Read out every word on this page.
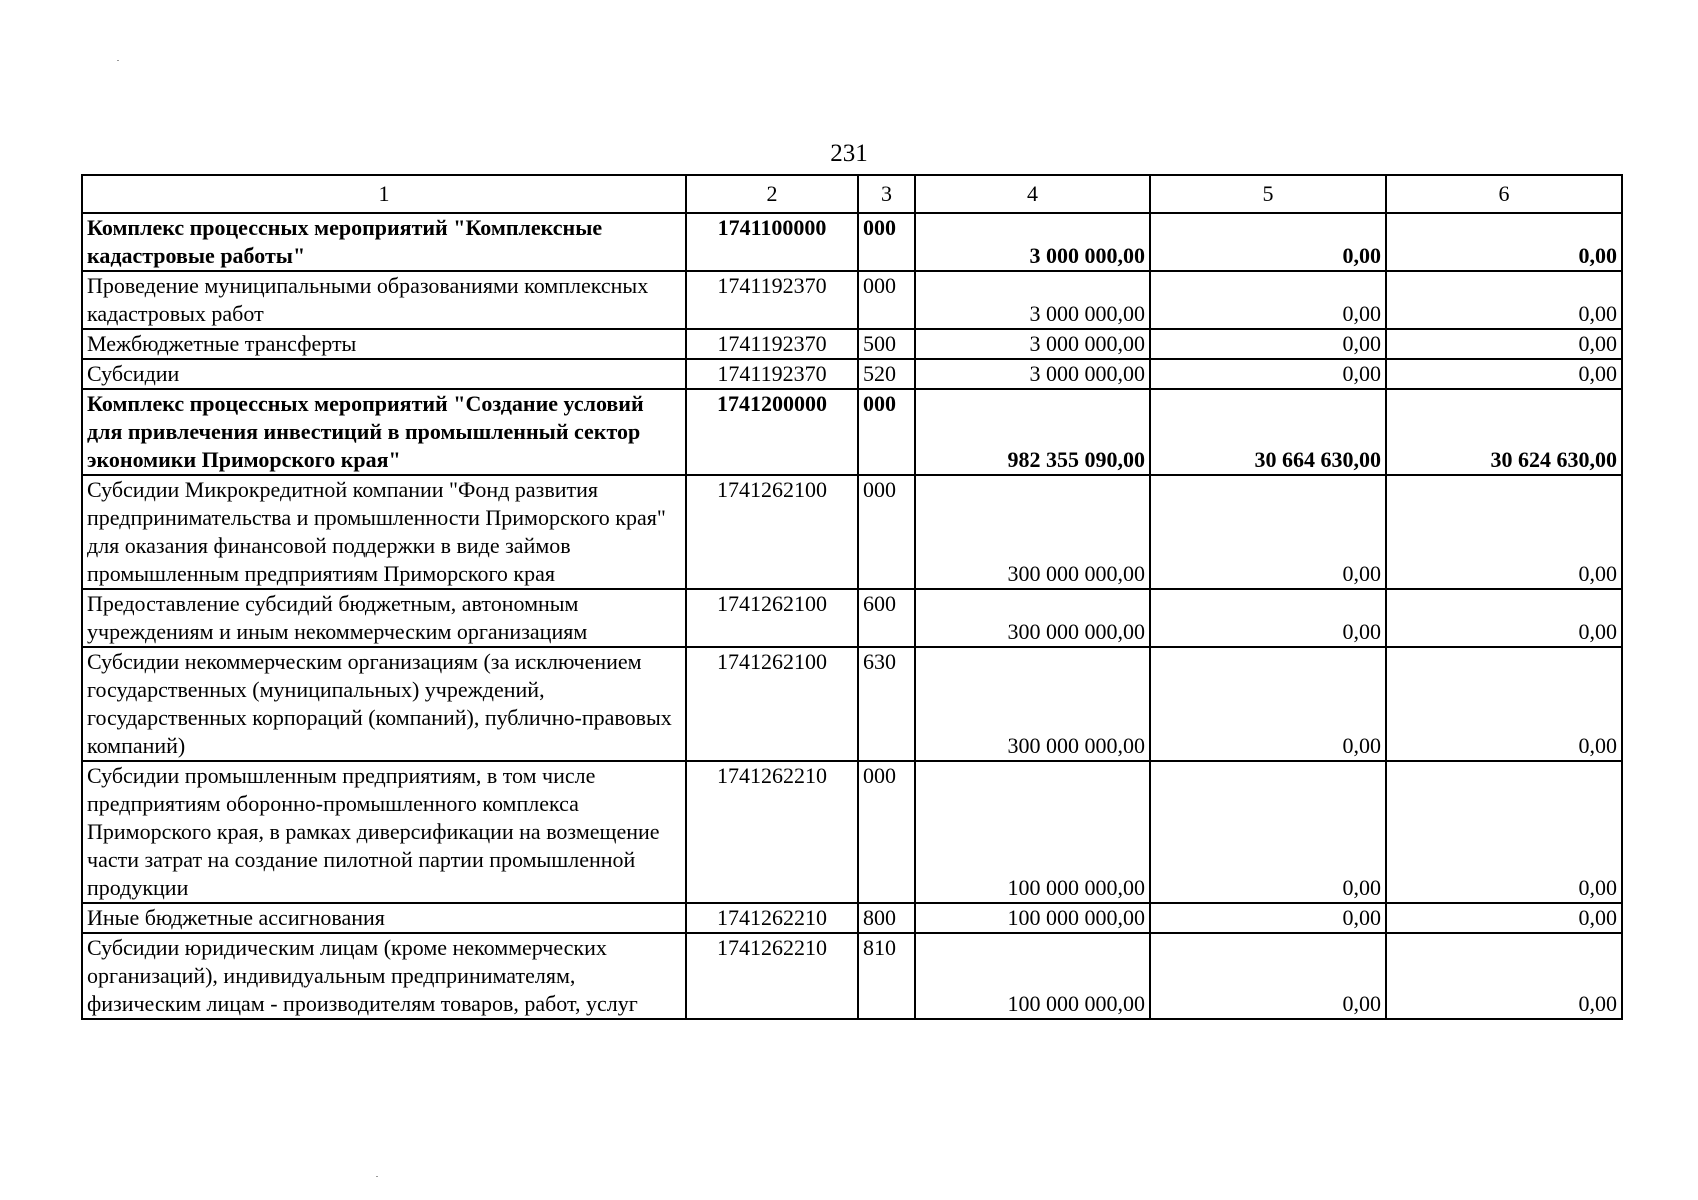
231
1	2	3	4	5	6
Комплекс процессных мероприятий "Комплексные кадастровые работы"	1741100000	000	3 000 000,00	0,00	0,00
Проведение муниципальными образованиями комплексных кадастровых работ	1741192370	000	3 000 000,00	0,00	0,00
Межбюджетные трансферты	1741192370	500	3 000 000,00	0,00	0,00
Субсидии	1741192370	520	3 000 000,00	0,00	0,00
Комплекс процессных мероприятий "Создание условий для привлечения инвестиций в промышленный сектор экономики Приморского края"	1741200000	000	982 355 090,00	30 664 630,00	30 624 630,00
Субсидии Микрокредитной компании "Фонд развития предпринимательства и промышленности Приморского края" для оказания финансовой поддержки в виде займов промышленным предприятиям Приморского края	1741262100	000	300 000 000,00	0,00	0,00
Предоставление субсидий бюджетным, автономным учреждениям и иным некоммерческим организациям	1741262100	600	300 000 000,00	0,00	0,00
Субсидии некоммерческим организациям (за исключением государственных (муниципальных) учреждений, государственных корпораций (компаний), публично-правовых компаний)	1741262100	630	300 000 000,00	0,00	0,00
Субсидии промышленным предприятиям, в том числе предприятиям оборонно-промышленного комплекса Приморского края, в рамках диверсификации на возмещение части затрат на создание пилотной партии промышленной продукции	1741262210	000	100 000 000,00	0,00	0,00
Иные бюджетные ассигнования	1741262210	800	100 000 000,00	0,00	0,00
Субсидии юридическим лицам (кроме некоммерческих организаций), индивидуальным предпринимателям, физическим лицам - производителям товаров, работ, услуг	1741262210	810	100 000 000,00	0,00	0,00
